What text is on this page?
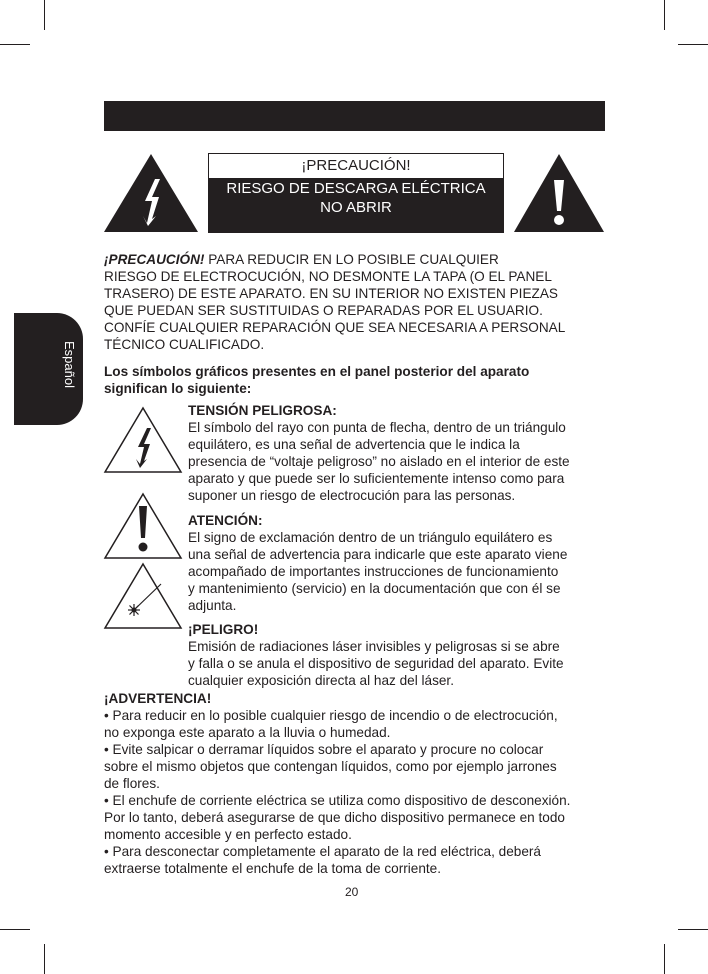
¡PRECAUCIÓN!
RIESGO DE DESCARGA ELÉCTRICA
NO ABRIR
Español
¡PRECAUCIÓN! PARA REDUCIR EN LO POSIBLE CUALQUIER
RIESGO DE ELECTROCUCIÓN, NO DESMONTE LA TAPA (O EL PANEL
TRASERO) DE ESTE APARATO. EN SU INTERIOR NO EXISTEN PIEZAS
QUE PUEDAN SER SUSTITUIDAS O REPARADAS POR EL USUARIO.
CONFÍE CUALQUIER REPARACIÓN QUE SEA NECESARIA A PERSONAL
TÉCNICO CUALIFICADO.
Los símbolos gráficos presentes en el panel posterior del aparato
significan lo siguiente:
TENSIÓN PELIGROSA:
El símbolo del rayo con punta de flecha, dentro de un triángulo
equilátero, es una señal de advertencia que le indica la
presencia de “voltaje peligroso” no aislado en el interior de este
aparato y que puede ser lo suficientemente intenso como para
suponer un riesgo de electrocución para las personas.
ATENCIÓN:
El signo de exclamación dentro de un triángulo equilátero es
una señal de advertencia para indicarle que este aparato viene
acompañado de importantes instrucciones de funcionamiento
y mantenimiento (servicio) en la documentación que con él se
adjunta.
¡PELIGRO!
Emisión de radiaciones láser invisibles y peligrosas si se abre
y falla o se anula el dispositivo de seguridad del aparato. Evite
cualquier exposición directa al haz del láser.
¡ADVERTENCIA!
• Para reducir en lo posible cualquier riesgo de incendio o de electrocución,
no exponga este aparato a la lluvia o humedad.
• Evite salpicar o derramar líquidos sobre el aparato y procure no colocar
sobre el mismo objetos que contengan líquidos, como por ejemplo jarrones
de flores.
• El enchufe de corriente eléctrica se utiliza como dispositivo de desconexión.
Por lo tanto, deberá asegurarse de que dicho dispositivo permanece en todo
momento accesible y en perfecto estado.
• Para desconectar completamente el aparato de la red eléctrica, deberá
extraerse totalmente el enchufe de la toma de corriente.
20
